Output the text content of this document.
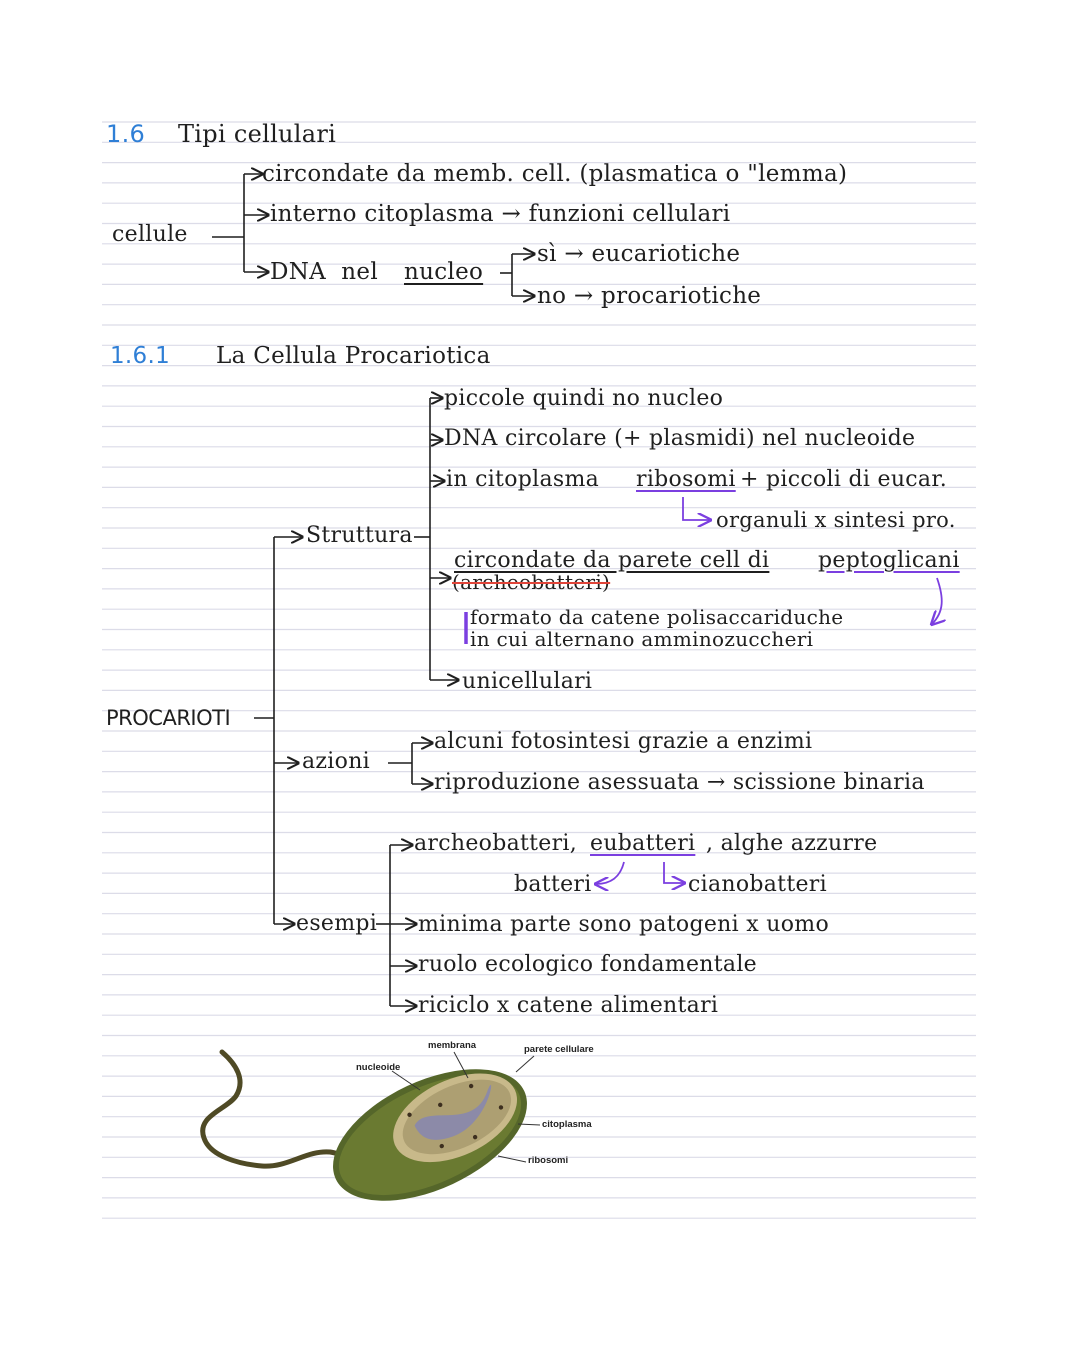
1.6 Tipi cellulari
cellule
circondate da memb. cell. (plasmatica o "lemma)
interno citoplasma → funzioni cellulari
DNA  nel nucleo
sì → eucariotiche
no → procariotiche
1.6.1 La Cellula Procariotica
PROCARIOTI
Struttura
piccole quindi no nucleo
DNA circolare (+ plasmidi) nel nucleoide
in citoplasma ribosomi + piccoli di eucar.
organuli x sintesi pro.
circondate da parete cell di peptoglicani
(archeobatteri)
formato da catene polisaccariduche
in cui alternano amminozuccheri
unicellulari
azioni
alcuni fotosintesi grazie a enzimi
riproduzione asessuata → scissione binaria
esempi
archeobatteri, eubatteri , alghe azzurre
batteri	cianobatteri
minima parte sono patogeni x uomo
ruolo ecologico fondamentale
riciclo x catene alimentari
membrana	parete cellulare
nucleoide
citoplasma
ribosomi
